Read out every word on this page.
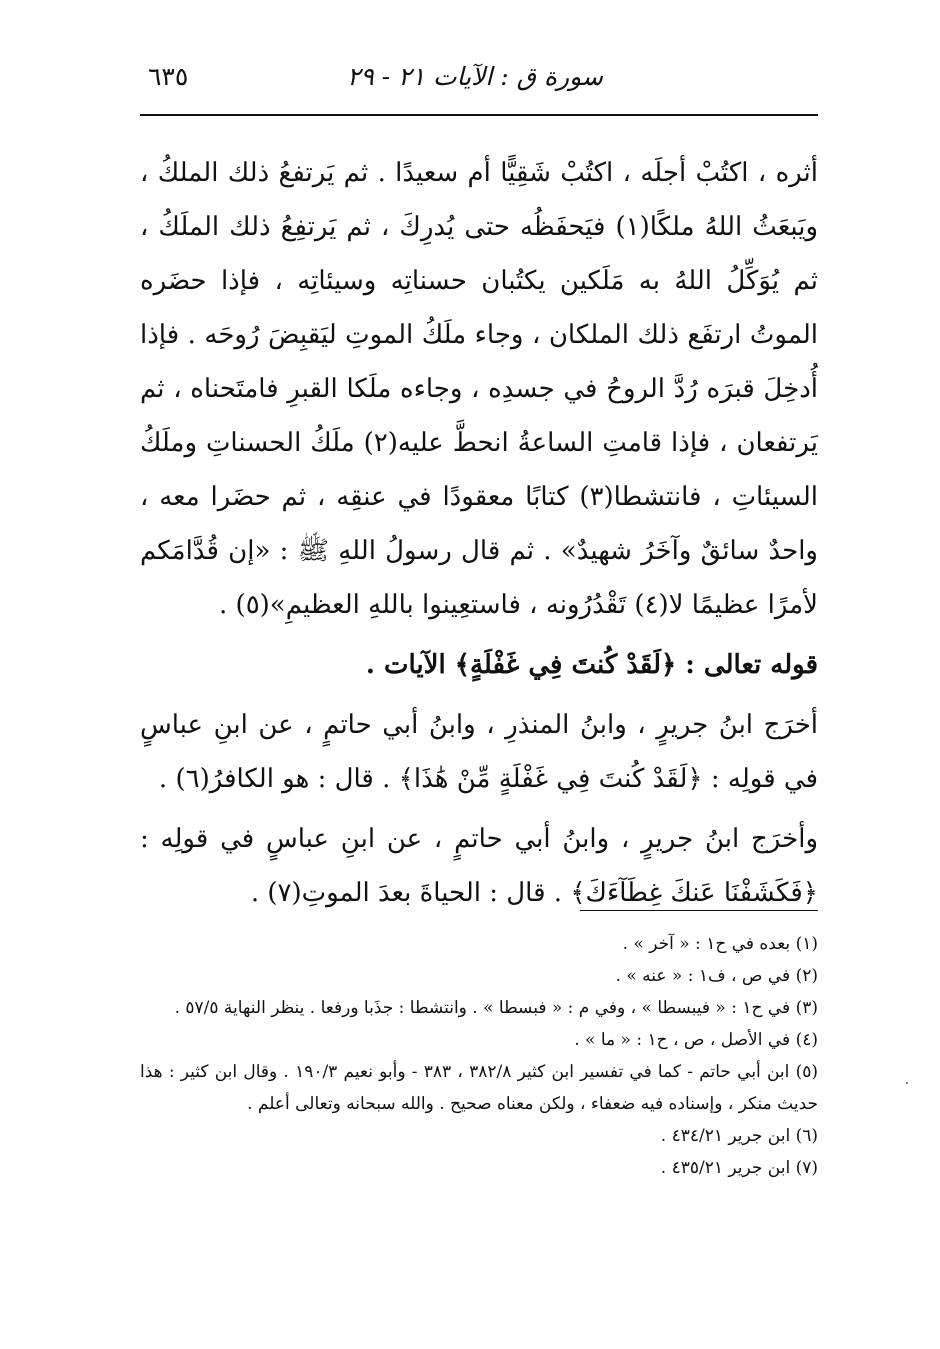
سورة ق : الآيات ٢١ - ٢٩
٦٣٥

أثره ، اكتُبْ أجلَه ، اكتُبْ شَقِيًّا أم سعيدًا . ثم يَرتفعُ ذلك الملكُ ، ويَبعَثُ اللهُ ملكًا(١) فيَحفَظُه حتى يُدرِكَ ، ثم يَرتفِعُ ذلك الملَكُ ، ثم يُوَكِّلُ اللهُ به مَلَكين يكتُبان حسناتِه وسيئاتِه ، فإذا حضَره الموتُ ارتفَع ذلك الملكان ، وجاء ملَكُ الموتِ ليَقبِضَ رُوحَه . فإذا أُدخِلَ قبرَه رُدَّ الروحُ في جسدِه ، وجاءه ملَكا القبرِ فامتَحناه ، ثم يَرتفعان ، فإذا قامتِ الساعةُ انحطَّ عليه(٢) ملَكُ الحسناتِ وملَكُ السيئاتِ ، فانتشطا(٣) كتابًا معقودًا في عنقِه ، ثم حضَرا معه ، واحدٌ سائقٌ وآخَرُ شهيدٌ» . ثم قال رسولُ اللهِ ﷺ : «إن قُدَّامَكم لأمرًا عظيمًا لا(٤) تَقْدُرُونه ، فاستعِينوا باللهِ العظيمِ»(٥) .

قوله تعالى : ﴿لَقَدْ كُنتَ فِي غَفْلَةٍ﴾ الآيات .

أخرَج ابنُ جريرٍ ، وابنُ المنذرِ ، وابنُ أبي حاتمٍ ، عن ابنِ عباسٍ في قولِه : ﴿لَقَدْ كُنتَ فِي غَفْلَةٍ مِّنْ هَٰذَا﴾ . قال : هو الكافرُ(٦) .

وأخرَج ابنُ جريرٍ ، وابنُ أبي حاتمٍ ، عن ابنِ عباسٍ في قولِه : ﴿فَكَشَفْنَا عَنكَ غِطَآءَكَ﴾ . قال : الحياةَ بعدَ الموتِ(٧) .

(١) بعده في ح١ : « آخر » .

(٢) في ص ، ف١ : « عنه » .

(٣) في ح١ : « فيبسطا » ، وفي م : « فبسطا » . وانتشطا : جذَبا ورفعا . ينظر النهاية ٥٧/٥ .

(٤) في الأصل ، ص ، ح١ : « ما » .

(٥) ابن أبي حاتم - كما في تفسير ابن كثير ٣٨٢/٨ ، ٣٨٣ - وأبو نعيم ١٩٠/٣ . وقال ابن كثير : هذا حديث منكر ، وإسناده فيه ضعفاء ، ولكن معناه صحيح . والله سبحانه وتعالى أعلم .

(٦) ابن جرير ٤٣٤/٢١ .

(٧) ابن جرير ٤٣٥/٢١ .
